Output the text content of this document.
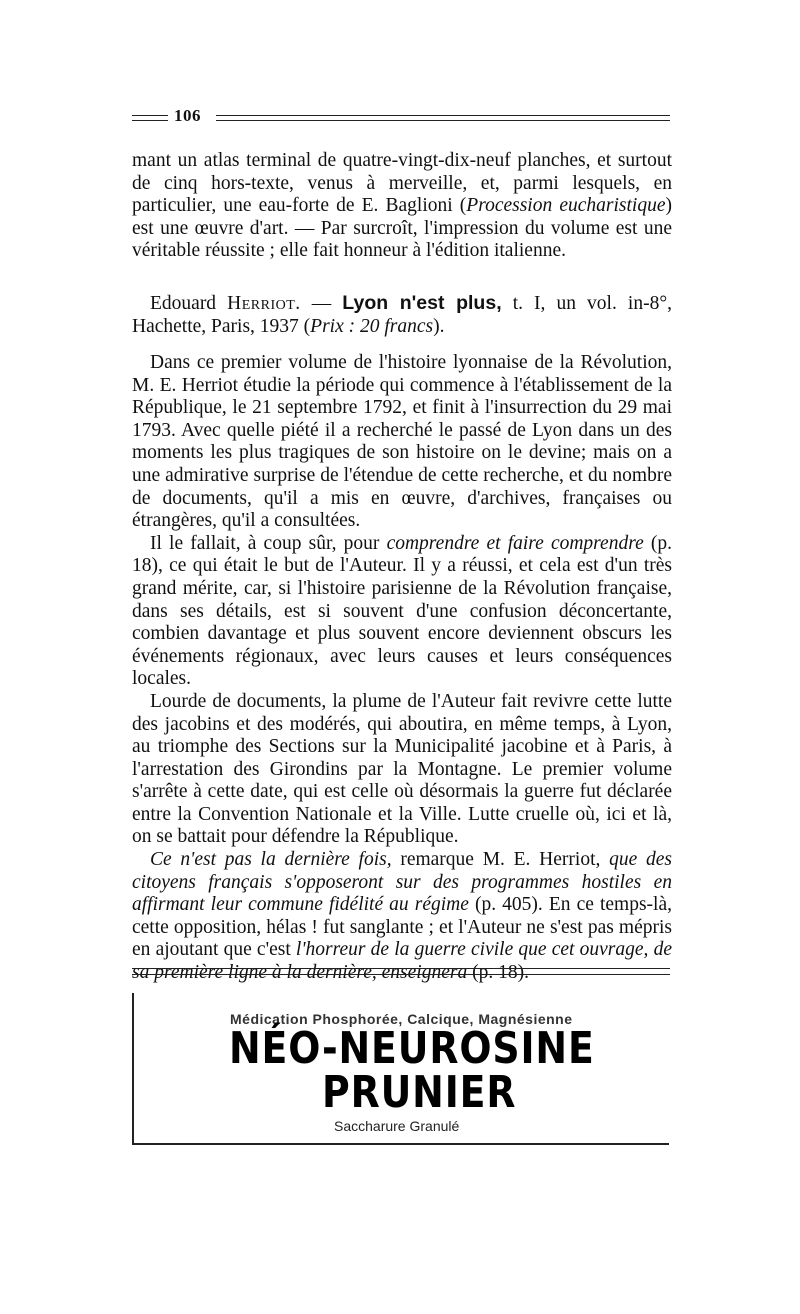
106

mant un atlas terminal de quatre-vingt-dix-neuf planches, et surtout de cinq hors-texte, venus à merveille, et, parmi lesquels, en particulier, une eau-forte de E. Baglioni (Procession eucharistique) est une œuvre d'art. — Par surcroît, l'impression du volume est une véritable réussite ; elle fait honneur à l'édition italienne.

Edouard Herriot. — Lyon n'est plus, t. I, un vol. in-8°, Hachette, Paris, 1937 (Prix : 20 francs).

Dans ce premier volume de l'histoire lyonnaise de la Révolution, M. E. Herriot étudie la période qui commence à l'établissement de la République, le 21 septembre 1792, et finit à l'insurrection du 29 mai 1793. Avec quelle piété il a recherché le passé de Lyon dans un des moments les plus tragiques de son histoire on le devine; mais on a une admirative surprise de l'étendue de cette recherche, et du nombre de documents, qu'il a mis en œuvre, d'archives, françaises ou étrangères, qu'il a consultées.

Il le fallait, à coup sûr, pour comprendre et faire comprendre (p. 18), ce qui était le but de l'Auteur. Il y a réussi, et cela est d'un très grand mérite, car, si l'histoire parisienne de la Révolution française, dans ses détails, est si souvent d'une confusion déconcertante, combien davantage et plus souvent encore deviennent obscurs les événements régionaux, avec leurs causes et leurs conséquences locales.

Lourde de documents, la plume de l'Auteur fait revivre cette lutte des jacobins et des modérés, qui aboutira, en même temps, à Lyon, au triomphe des Sections sur la Municipalité jacobine et à Paris, à l'arrestation des Girondins par la Montagne. Le premier volume s'arrête à cette date, qui est celle où désormais la guerre fut déclarée entre la Convention Nationale et la Ville. Lutte cruelle où, ici et là, on se battait pour défendre la République.

Ce n'est pas la dernière fois, remarque M. E. Herriot, que des citoyens français s'opposeront sur des programmes hostiles en affirmant leur commune fidélité au régime (p. 405). En ce temps-là, cette opposition, hélas ! fut sanglante ; et l'Auteur ne s'est pas mépris en ajoutant que c'est l'horreur de la guerre civile que cet ouvrage, de sa première ligne à la dernière, enseignera (p. 18).

Médication Phosphorée, Calcique, Magnésienne
NÉO-NEUROSINE
PRUNIER
Saccharure Granulé
